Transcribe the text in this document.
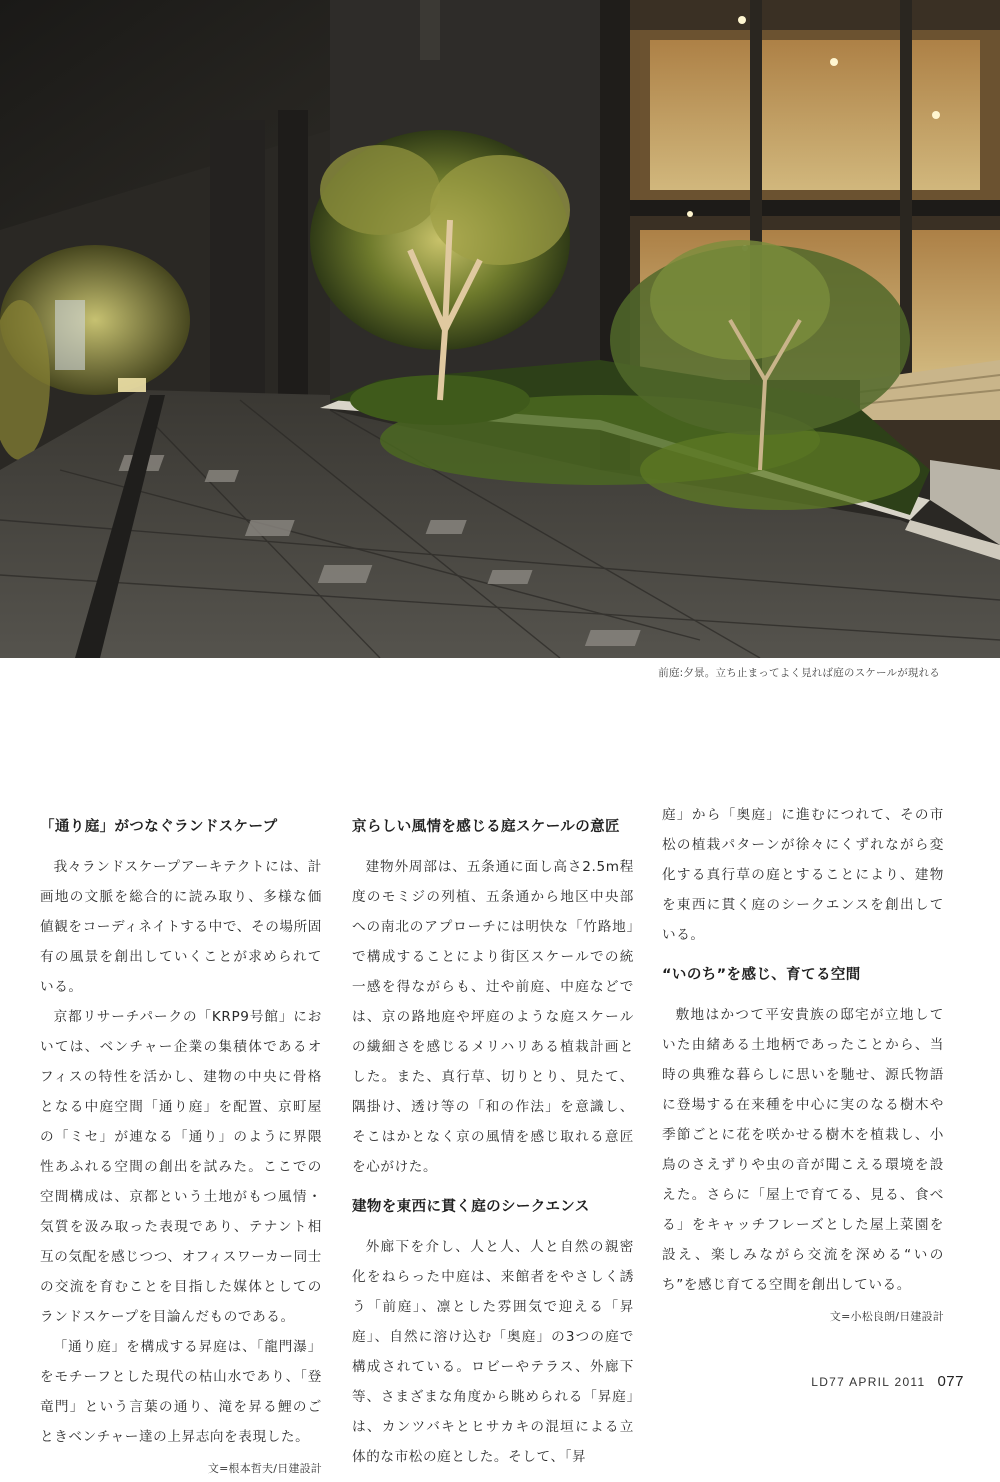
前庭:夕景。立ち止まってよく見れば庭のスケールが現れる
「通り庭」がつなぐランドスケープ

我々ランドスケープアーキテクトには、計画地の文脈を総合的に読み取り、多様な価値観をコーディネイトする中で、その場所固有の風景を創出していくことが求められている。

京都リサーチパークの「KRP9号館」においては、ベンチャー企業の集積体であるオフィスの特性を活かし、建物の中央に骨格となる中庭空間「通り庭」を配置、京町屋の「ミセ」が連なる「通り」のように界隈性あふれる空間の創出を試みた。ここでの空間構成は、京都という土地がもつ風情・気質を汲み取った表現であり、テナント相互の気配を感じつつ、オフィスワーカー同士の交流を育むことを目指した媒体としてのランドスケープを目論んだものである。

「通り庭」を構成する昇庭は、「龍門瀑」をモチーフとした現代の枯山水であり、「登竜門」という言葉の通り、滝を昇る鯉のごときベンチャー達の上昇志向を表現した。

文=根本哲夫/日建設計
京らしい風情を感じる庭スケールの意匠

建物外周部は、五条通に面し高さ2.5m程度のモミジの列植、五条通から地区中央部への南北のアプローチには明快な「竹路地」で構成することにより街区スケールでの統一感を得ながらも、辻や前庭、中庭などでは、京の路地庭や坪庭のような庭スケールの繊細さを感じるメリハリある植栽計画とした。また、真行草、切りとり、見たて、隅掛け、透け等の「和の作法」を意識し、そこはかとなく京の風情を感じ取れる意匠を心がけた。

建物を東西に貫く庭のシークエンス

外廊下を介し、人と人、人と自然の親密化をねらった中庭は、来館者をやさしく誘う「前庭」、凛とした雰囲気で迎える「昇庭」、自然に溶け込む「奥庭」の3つの庭で構成されている。ロビーやテラス、外廊下等、さまざまな角度から眺められる「昇庭」は、カンツバキとヒサカキの混垣による立体的な市松の庭とした。そして、「昇

庭」から「奥庭」に進むにつれて、その市松の植栽パターンが徐々にくずれながら変化する真行草の庭とすることにより、建物を東西に貫く庭のシークエンスを創出している。

“いのち”を感じ、育てる空間

敷地はかつて平安貴族の邸宅が立地していた由緒ある土地柄であったことから、当時の典雅な暮らしに思いを馳せ、源氏物語に登場する在来種を中心に実のなる樹木や季節ごとに花を咲かせる樹木を植栽し、小鳥のさえずりや虫の音が聞こえる環境を設えた。さらに「屋上で育てる、見る、食べる」をキャッチフレーズとした屋上菜園を設え、楽しみながら交流を深める“いのち”を感じ育てる空間を創出している。

文=小松良朗/日建設計
LD77 APRIL 2011 077
